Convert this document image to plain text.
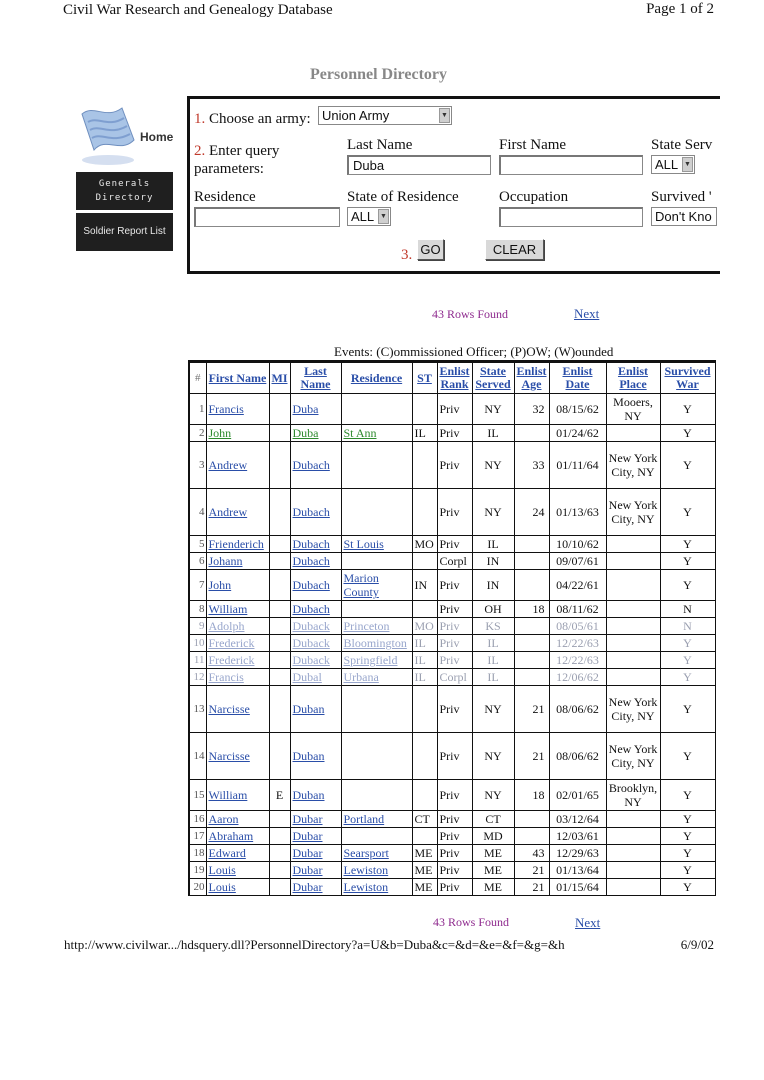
Civil War Research and Genealogy Database	Page 1 of 2
Personnel Directory
Home
Generals Directory
Soldier Report List
1. Choose an army: Union Army	▼
2. Enter query parameters:
Last Name
Duba
First Name	State Serv
ALL ▼
Residence	State of Residence
ALL ▼
Occupation	Survived '
Don't Kno
3. GO	CLEAR
43 Rows Found	Next
Events: (C)ommissioned Officer; (P)OW; (W)ounded
#	First Name	MI	Last Name	Residence	ST	Enlist Rank	State Served	Enlist Age	Enlist Date	Enlist Place	Survived War
1	Francis		Duba			Priv	NY	32	08/15/62	Mooers, NY	Y
2	John		Duba	St Ann	IL	Priv	IL		01/24/62		Y
3	Andrew		Dubach			Priv	NY	33	01/11/64	New York City, NY	Y
4	Andrew		Dubach			Priv	NY	24	01/13/63	New York City, NY	Y
5	Frienderich		Dubach	St Louis	MO	Priv	IL		10/10/62		Y
6	Johann		Dubach			Corpl	IN		09/07/61		Y
7	John		Dubach	Marion County	IN	Priv	IN		04/22/61		Y
8	William		Dubach			Priv	OH	18	08/11/62		N
9	Adolph		Duback	Princeton	MO	Priv	KS		08/05/61		N
10	Frederick		Duback	Bloomington	IL	Priv	IL		12/22/63		Y
11	Frederick		Duback	Springfield	IL	Priv	IL		12/22/63		Y
12	Francis		Dubal	Urbana	IL	Corpl	IL		12/06/62		Y
13	Narcisse		Duban			Priv	NY	21	08/06/62	New York City, NY	Y
14	Narcisse		Duban			Priv	NY	21	08/06/62	New York City, NY	Y
15	William	E	Duban			Priv	NY	18	02/01/65	Brooklyn, NY	Y
16	Aaron		Dubar	Portland	CT	Priv	CT		03/12/64		Y
17	Abraham		Dubar			Priv	MD		12/03/61		Y
18	Edward		Dubar	Searsport	ME	Priv	ME	43	12/29/63		Y
19	Louis		Dubar	Lewiston	ME	Priv	ME	21	01/13/64		Y
20	Louis		Dubar	Lewiston	ME	Priv	ME	21	01/15/64		Y
43 Rows Found	Next
http://www.civilwar.../hdsquery.dll?PersonnelDirectory?a=U&b=Duba&c=&d=&e=&f=&g=&h	6/9/02
